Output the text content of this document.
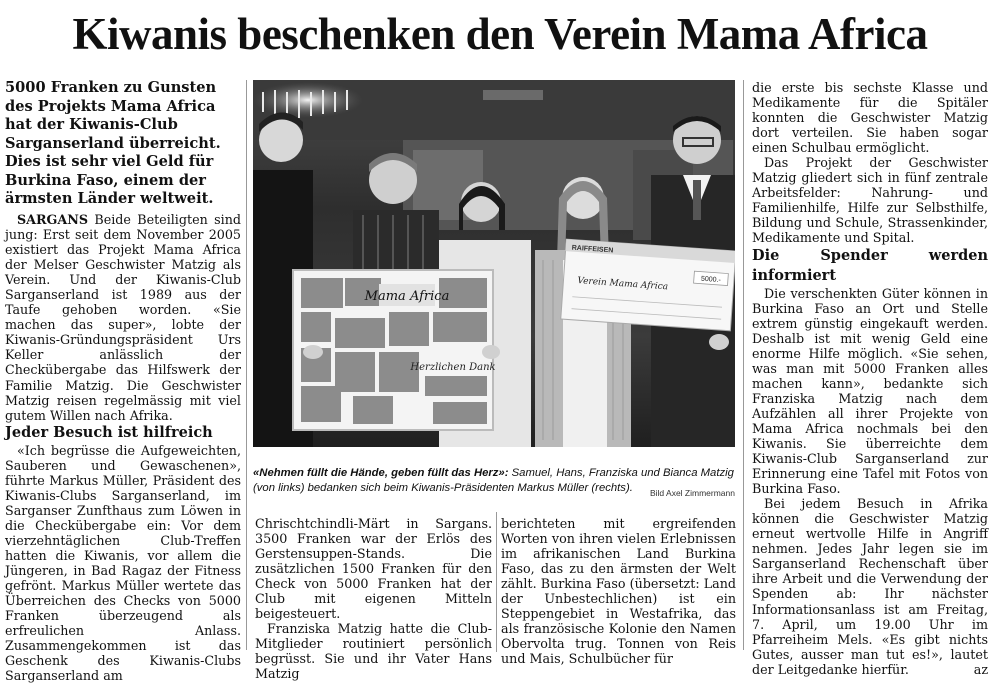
Kiwanis beschenken den Verein Mama Africa

5000 Franken zu Gunsten des Projekts Mama Africa hat der Kiwanis-Club Sarganserland überreicht. Dies ist sehr viel Geld für Burkina Faso, einem der ärmsten Länder weltweit.

SARGANS Beide Beteiligten sind jung: Erst seit dem November 2005 existiert das Projekt Mama Africa der Melser Geschwister Matzig als Verein. Und der Kiwanis-Club Sarganserland ist 1989 aus der Taufe gehoben worden. «Sie machen das super», lobte der Kiwanis-Gründungspräsident Urs Keller anlässlich der Checkübergabe das Hilfswerk der Familie Matzig. Die Geschwister Matzig reisen regelmässig mit viel gutem Willen nach Afrika.

Jeder Besuch ist hilfreich

«Ich begrüsse die Aufgeweichten, Sauberen und Gewaschenen», führte Markus Müller, Präsident des Kiwanis-Clubs Sarganserland, im Sarganser Zunfthaus zum Löwen in die Checkübergabe ein: Vor dem vierzehntäglichen Club-Treffen hatten die Kiwanis, vor allem die Jüngeren, in Bad Ragaz der Fitness gefrönt. Markus Müller wertete das Überreichen des Checks von 5000 Franken überzeugend als erfreulichen Anlass. Zusammengekommen ist das Geschenk des Kiwanis-Clubs Sarganserland am

Mama Africa
Herzlichen Dank
RAIFFEISEN
Verein Mama Africa	5000.-

«Nehmen füllt die Hände, geben füllt das Herz»: Samuel, Hans, Franziska und Bianca Matzig (von links) bedanken sich beim Kiwanis-Präsidenten Markus Müller (rechts).	Bild Axel Zimmermann

Chrischtchindli-Märt in Sargans. 3500 Franken war der Erlös des Gerstensuppen-Stands. Die zusätzlichen 1500 Franken für den Check von 5000 Franken hat der Club mit eigenen Mitteln beigesteuert.

Franziska Matzig hatte die Club-Mitglieder routiniert persönlich begrüsst. Sie und ihr Vater Hans Matzig

berichteten mit ergreifenden Worten von ihren vielen Erlebnissen im afrikanischen Land Burkina Faso, das zu den ärmsten der Welt zählt. Burkina Faso (übersetzt: Land der Unbestechlichen) ist ein Steppengebiet in Westafrika, das als französische Kolonie den Namen Obervolta trug. Tonnen von Reis und Mais, Schulbücher für

die erste bis sechste Klasse und Medikamente für die Spitäler konnten die Geschwister Matzig dort verteilen. Sie haben sogar einen Schulbau ermöglicht.

Das Projekt der Geschwister Matzig gliedert sich in fünf zentrale Arbeitsfelder: Nahrung- und Familienhilfe, Hilfe zur Selbsthilfe, Bildung und Schule, Strassenkinder, Medikamente und Spital.

Die Spender werden informiert

Die verschenkten Güter können in Burkina Faso an Ort und Stelle extrem günstig eingekauft werden. Deshalb ist mit wenig Geld eine enorme Hilfe möglich. «Sie sehen, was man mit 5000 Franken alles machen kann», bedankte sich Franziska Matzig nach dem Aufzählen all ihrer Projekte von Mama Africa nochmals bei den Kiwanis. Sie überreichte dem Kiwanis-Club Sarganserland zur Erinnerung eine Tafel mit Fotos von Burkina Faso.

Bei jedem Besuch in Afrika können die Geschwister Matzig erneut wertvolle Hilfe in Angriff nehmen. Jedes Jahr legen sie im Sarganserland Rechenschaft über ihre Arbeit und die Verwendung der Spenden ab: Ihr nächster Informationsanlass ist am Freitag, 7. April, um 19.00 Uhr im Pfarreiheim Mels. «Es gibt nichts Gutes, ausser man tut es!», lautet der Leitgedanke hierfür.	az
